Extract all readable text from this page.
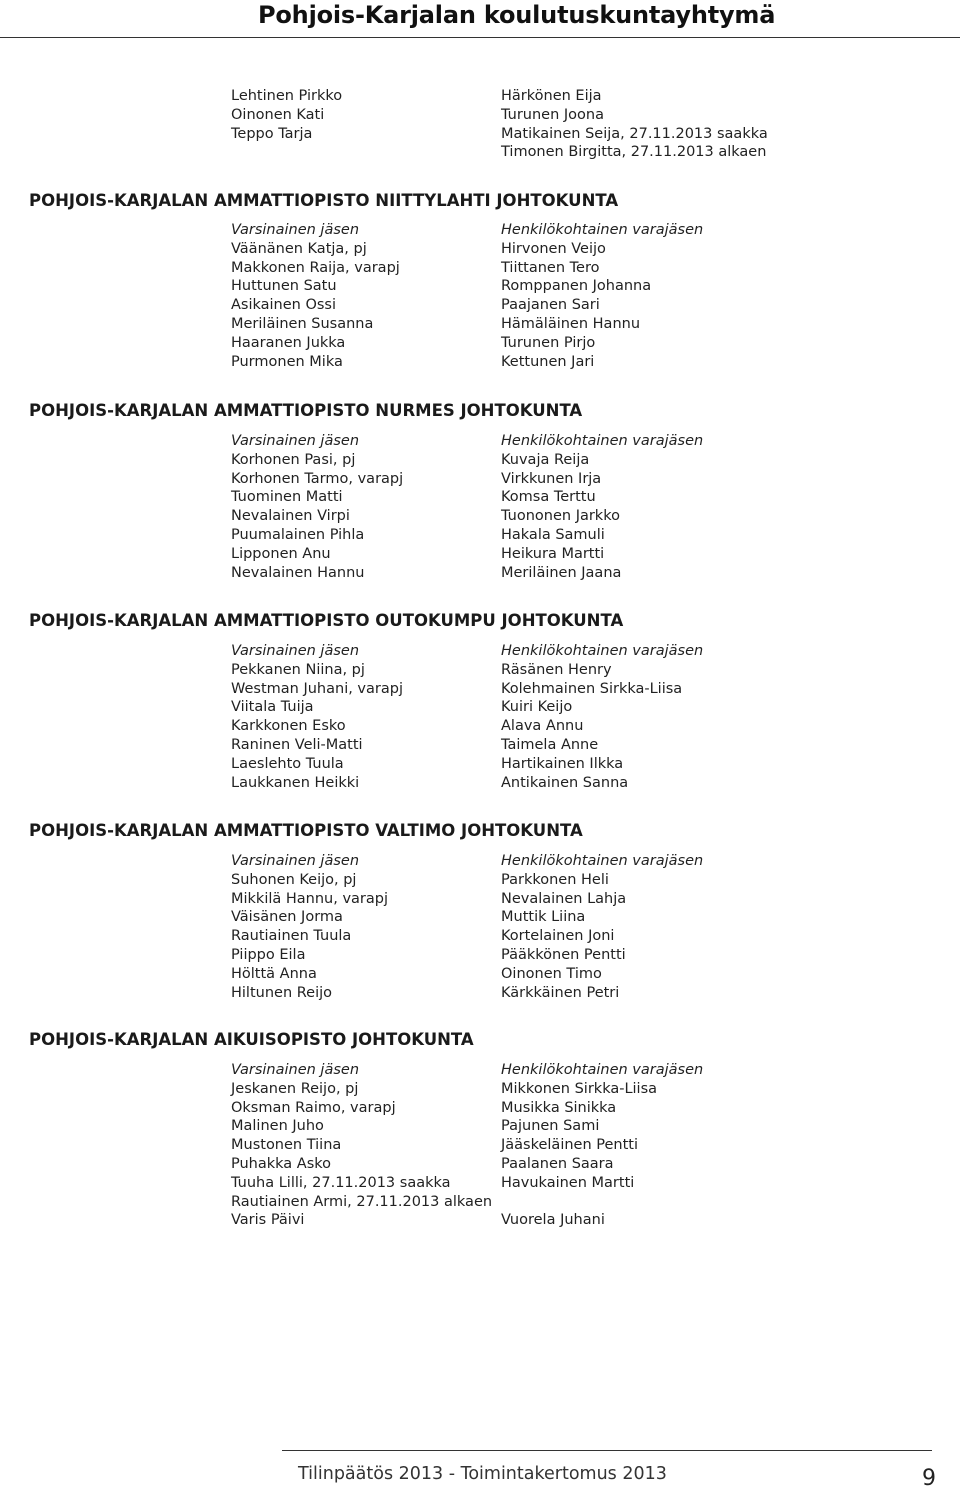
Pohjois-Karjalan koulutuskuntayhtymä
Lehtinen Pirkko
Oinonen Kati
Teppo Tarja
Härkönen Eija
Turunen Joona
Matikainen Seija, 27.11.2013 saakka
Timonen Birgitta, 27.11.2013 alkaen
POHJOIS-KARJALAN AMMATTIOPISTO NIITTYLAHTI JOHTOKUNTA
Varsinainen jäsen
Väänänen Katja, pj
Makkonen Raija, varapj
Huttunen Satu
Asikainen Ossi
Meriläinen Susanna
Haaranen Jukka
Purmonen Mika
Henkilökohtainen varajäsen
Hirvonen Veijo
Tiittanen Tero
Romppanen Johanna
Paajanen Sari
Hämäläinen Hannu
Turunen Pirjo
Kettunen Jari
POHJOIS-KARJALAN AMMATTIOPISTO NURMES JOHTOKUNTA
Varsinainen jäsen
Korhonen Pasi, pj
Korhonen Tarmo, varapj
Tuominen Matti
Nevalainen Virpi
Puumalainen Pihla
Lipponen Anu
Nevalainen Hannu
Henkilökohtainen varajäsen
Kuvaja Reija
Virkkunen Irja
Komsa Terttu
Tuononen Jarkko
Hakala Samuli
Heikura Martti
Meriläinen Jaana
POHJOIS-KARJALAN AMMATTIOPISTO OUTOKUMPU JOHTOKUNTA
Varsinainen jäsen
Pekkanen Niina, pj
Westman Juhani, varapj
Viitala Tuija
Karkkonen Esko
Raninen Veli-Matti
Laeslehto Tuula
Laukkanen Heikki
Henkilökohtainen varajäsen
Räsänen Henry
Kolehmainen Sirkka-Liisa
Kuiri Keijo
Alava Annu
Taimela Anne
Hartikainen Ilkka
Antikainen Sanna
POHJOIS-KARJALAN AMMATTIOPISTO VALTIMO JOHTOKUNTA
Varsinainen jäsen
Suhonen Keijo, pj
Mikkilä Hannu, varapj
Väisänen Jorma
Rautiainen Tuula
Piippo Eila
Hölttä Anna
Hiltunen Reijo
Henkilökohtainen varajäsen
Parkkonen Heli
Nevalainen Lahja
Muttik Liina
Kortelainen Joni
Pääkkönen Pentti
Oinonen Timo
Kärkkäinen Petri
POHJOIS-KARJALAN AIKUISOPISTO JOHTOKUNTA
Varsinainen jäsen
Jeskanen Reijo, pj
Oksman Raimo, varapj
Malinen Juho
Mustonen Tiina
Puhakka Asko
Tuuha Lilli, 27.11.2013 saakka
Rautiainen Armi, 27.11.2013 alkaen
Varis Päivi
Henkilökohtainen varajäsen
Mikkonen Sirkka-Liisa
Musikka Sinikka
Pajunen Sami
Jääskeläinen Pentti
Paalanen Saara
Havukainen Martti

Vuorela Juhani
Tilinpäätös 2013 - Toimintakertomus 2013	9
